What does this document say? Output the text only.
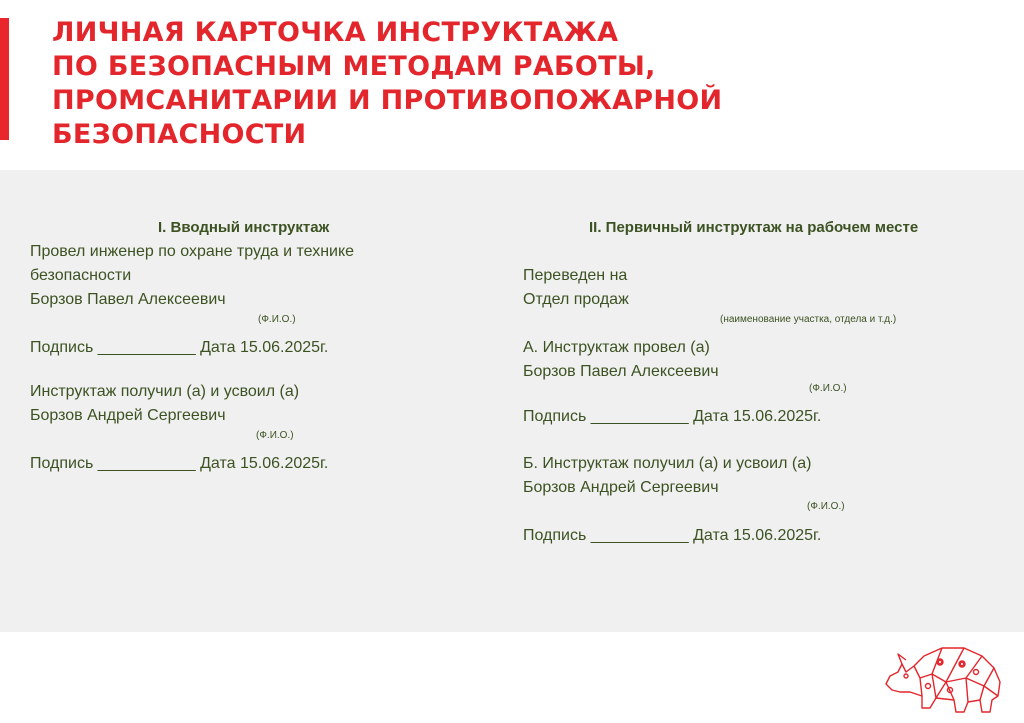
ЛИЧНАЯ КАРТОЧКА ИНСТРУКТАЖА
ПО БЕЗОПАСНЫМ МЕТОДАМ РАБОТЫ,
ПРОМСАНИТАРИИ И ПРОТИВОПОЖАРНОЙ
БЕЗОПАСНОСТИ
I. Вводный инструктаж
Провел инженер по охране труда и технике
безопасности
Борзов Павел Алексеевич
(Ф.И.О.)
Подпись ___________ Дата 15.06.2025г.
Инструктаж получил (а) и усвоил (а)
Борзов Андрей Сергеевич
(Ф.И.О.)
Подпись ___________ Дата 15.06.2025г.
II. Первичный инструктаж на рабочем месте
Переведен на
Отдел продаж
(наименование участка, отдела и т.д.)
А. Инструктаж провел (а)
Борзов Павел Алексеевич
(Ф.И.О.)
Подпись ___________ Дата 15.06.2025г.
Б. Инструктаж получил (а) и усвоил (а)
Борзов Андрей Сергеевич
(Ф.И.О.)
Подпись ___________ Дата 15.06.2025г.
